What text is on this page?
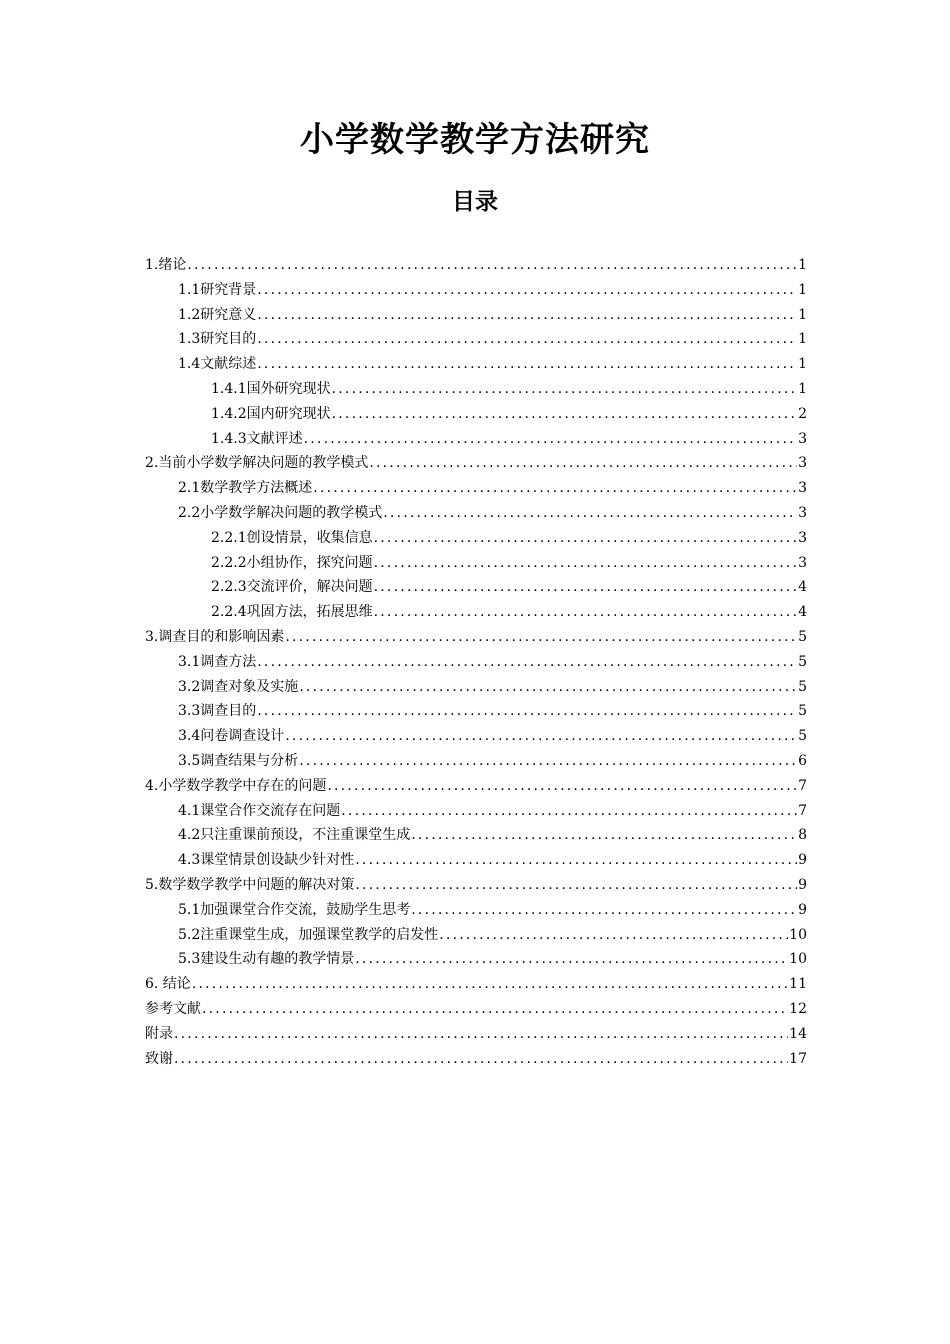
小学数学教学方法研究
目录
1.绪论 .....	1
1.1研究背景 .....	1
1.2研究意义 .....	1
1.3研究目的 .....	1
1.4文献综述 .....	1
1.4.1国外研究现状 .....	1
1.4.2国内研究现状 .....	2
1.4.3文献评述 .....	3
2.当前小学数学解决问题的教学模式 .....	3
2.1数学教学方法概述 .....	3
2.2小学数学解决问题的教学模式 .....	3
2.2.1创设情景，收集信息 .....	3
2.2.2小组协作，探究问题 .....	3
2.2.3交流评价，解决问题 .....	4
2.2.4巩固方法，拓展思维 .....	4
3.调查目的和影响因素 .....	5
3.1调查方法 .....	5
3.2调查对象及实施 .....	5
3.3调查目的 .....	5
3.4问卷调查设计 .....	5
3.5调查结果与分析 .....	6
4.小学数学教学中存在的问题 .....	7
4.1课堂合作交流存在问题 .....	7
4.2只注重课前预设，不注重课堂生成 .....	8
4.3课堂情景创设缺少针对性 .....	9
5.数学数学教学中问题的解决对策 .....	9
5.1加强课堂合作交流，鼓励学生思考 .....	9
5.2注重课堂生成，加强课堂教学的启发性 .....	10
5.3建设生动有趣的教学情景 .....	10
6. 结论 .....	11
参考文献 .....	12
附录 .....	14
致谢 .....	17
